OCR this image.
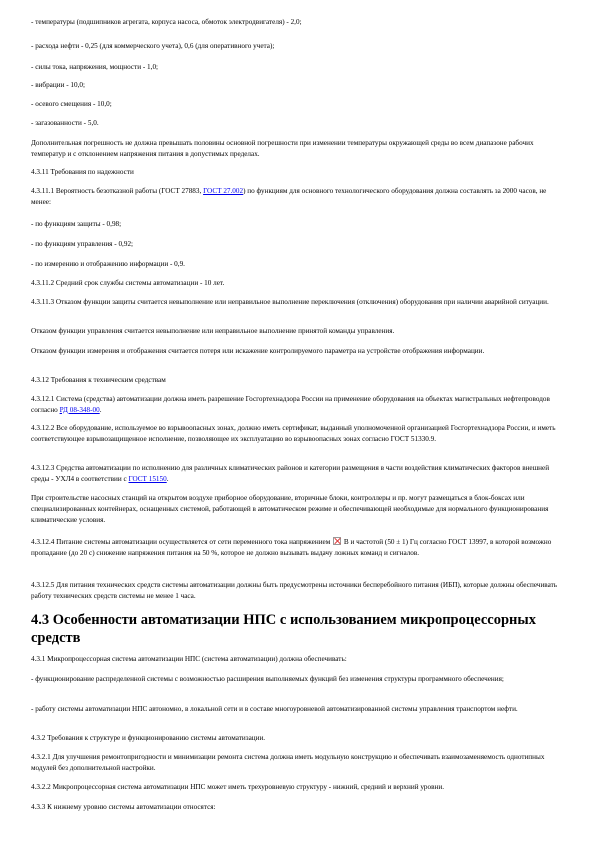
- температуры (подшипников агрегата, корпуса насоса, обмоток электродвигателя) - 2,0;

- расхода нефти - 0,25 (для коммерческого учета), 0,6 (для оперативного учета);

- силы тока, напряжения, мощности - 1,0;

- вибрации - 10,0;

- осевого смещения - 10,0;

- загазованности - 5,0.

Дополнительная погрешность не должна превышать половины основной погрешности при изменении температуры окружающей среды во всем диапазоне рабочих температур и с отклонением напряжения питания в допустимых пределах.

4.3.11 Требования по надежности

4.3.11.1 Вероятность безотказной работы (ГОСТ 27883, ГОСТ 27.002) по функциям для основного технологического оборудования должна составлять за 2000 часов, не менее:

- по функциям защиты - 0,98;

- по функциям управления - 0,92;

- по измерению и отображению информации - 0,9.

4.3.11.2 Средний срок службы системы автоматизации - 10 лет.

4.3.11.3 Отказом функции защиты считается невыполнение или неправильное выполнение переключения (отключения) оборудования при наличии аварийной ситуации.

Отказом функции управления считается невыполнение или неправильное выполнение принятой команды управления.

Отказом функции измерения и отображения считается потеря или искажение контролируемого параметра на устройстве отображения информации.

4.3.12 Требования к техническим средствам

4.3.12.1 Система (средства) автоматизации должна иметь разрешение Госгортехнадзора России на применение оборудования на объектах магистральных нефтепроводов согласно РД 08-348-00.

4.3.12.2 Все оборудование, используемое во взрывоопасных зонах, должно иметь сертификат, выданный уполномоченной организацией Госгортехнадзора России, и иметь соответствующее взрывозащищенное исполнение, позволяющее их эксплуатацию во взрывоопасных зонах согласно ГОСТ 51330.9.

4.3.12.3 Средства автоматизации по исполнению для различных климатических районов и категории размещения в части воздействия климатических факторов внешней среды - УХЛ4 в соответствии с ГОСТ 15150.

При строительстве насосных станций на открытом воздухе приборное оборудование, вторичные блоки, контроллеры и пр. могут размещаться в блок-боксах или специализированных контейнерах, оснащенных системой, работающей в автоматическом режиме и обеспечивающей необходимые для нормального функционирования климатические условия.

4.3.12.4 Питание системы автоматизации осуществляется от сети переменного тока напряжением  В и частотой (50 ± 1) Гц согласно ГОСТ 13997, в которой возможно пропадание (до 20 с) снижение напряжения питания на 50 %, которое не должно вызывать выдачу ложных команд и сигналов.

4.3.12.5 Для питания технических средств системы автоматизации должны быть предусмотрены источники бесперебойного питания (ИБП), которые должны обеспечивать работу технических средств системы не менее 1 часа.

4.3 Особенности автоматизации НПС с использованием микропроцессорных средств

4.3.1 Микропроцессорная система автоматизации НПС (система автоматизации) должна обеспечивать:

- функционирование распределенной системы с возможностью расширения выполняемых функций без изменения структуры программного обеспечения;

- работу системы автоматизации НПС автономно, в локальной сети и в составе многоуровневой автоматизированной системы управления транспортом нефти.

4.3.2 Требования к структуре и функционированию системы автоматизации.

4.3.2.1 Для улучшения ремонтопригодности и минимизации ремонта система должна иметь модульную конструкцию и обеспечивать взаимозаменяемость однотипных модулей без дополнительной настройки.

4.3.2.2 Микропроцессорная система автоматизации НПС может иметь трехуровневую структуру - нижний, средний и верхний уровни.

4.3.3 К нижнему уровню системы автоматизации относятся:
